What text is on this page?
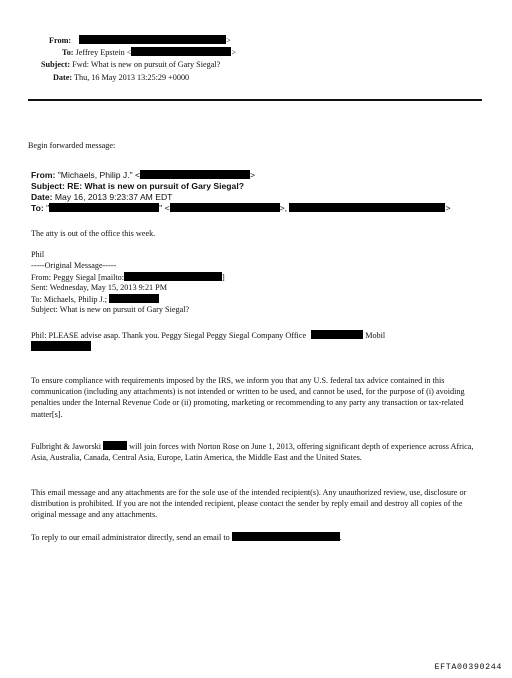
From:	>
To: Jeffrey Epstein <	>
Subject: Fwd: What is new on pursuit of Gary Siegal?
Date: Thu, 16 May 2013 13:25:29 +0000
Begin forwarded message:
From: "Michaels, Philip J." <	>
Subject: RE: What is new on pursuit of Gary Siegal?
Date: May 16, 2013 9:23:37 AM EDT
To: "	" <	>,	>
The atty is out of the office this week.
Phil
-----Original Message-----
From: Peggy Siegal [mailto:	]
Sent: Wednesday, May 15, 2013 9:21 PM
To: Michaels, Philip J.;
Subject: What is new on pursuit of Gary Siegal?
Phil: PLEASE advise asap. Thank you. Peggy Siegal Peggy Siegal Company Office	Mobil
To ensure compliance with requirements imposed by the IRS, we inform you that any U.S. federal tax advice contained in this communication (including any attachments) is not intended or written to be used, and cannot be used, for the purpose of (i) avoiding penalties under the Internal Revenue Code or (ii) promoting, marketing or recommending to any party any transaction or tax-related matter[s].
Fulbright & Jaworski	will join forces with Norton Rose on June 1, 2013, offering significant depth of experience across Africa, Asia, Australia, Canada, Central Asia, Europe, Latin America, the Middle East and the United States.
This email message and any attachments are for the sole use of the intended recipient(s). Any unauthorized review, use, disclosure or distribution is prohibited. If you are not the intended recipient, please contact the sender by reply email and destroy all copies of the original message and any attachments.
To reply to our email administrator directly, send an email to	.
EFTA00390244
